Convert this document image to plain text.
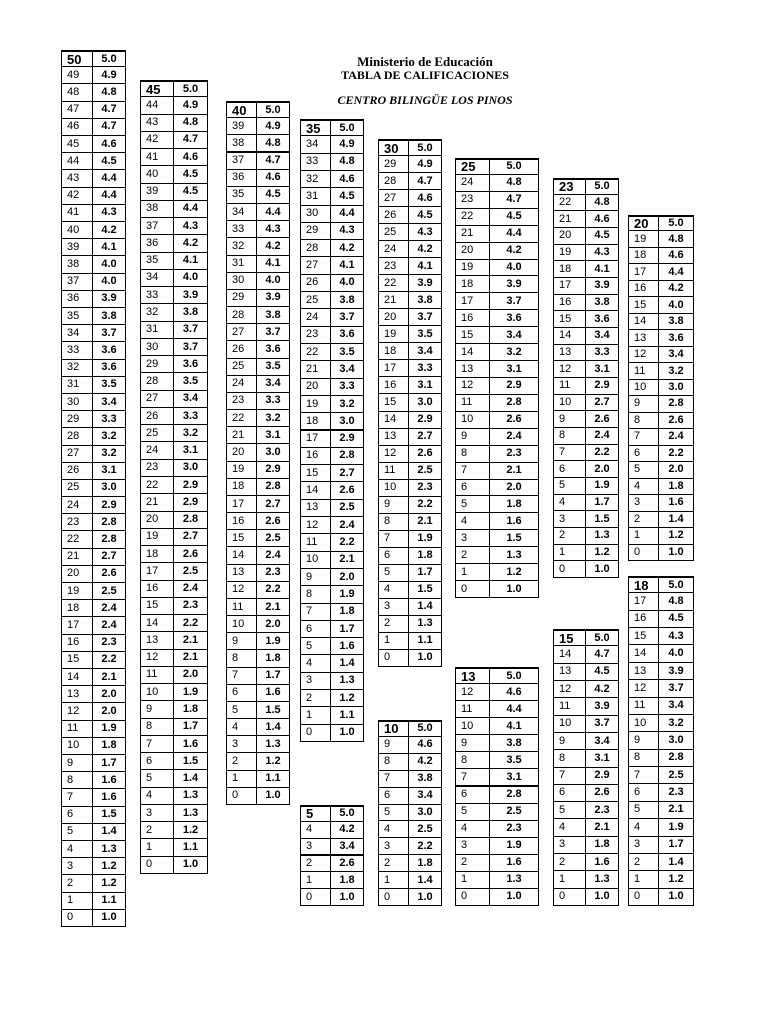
Ministerio de Educación
TABLA DE CALIFICACIONES
CENTRO BILINGÜE LOS PINOS
50	5.0
49	4.9
48	4.8
47	4.7
46	4.7
45	4.6
44	4.5
43	4.4
42	4.4
41	4.3
40	4.2
39	4.1
38	4.0
37	4.0
36	3.9
35	3.8
34	3.7
33	3.6
32	3.6
31	3.5
30	3.4
29	3.3
28	3.2
27	3.2
26	3.1
25	3.0
24	2.9
23	2.8
22	2.8
21	2.7
20	2.6
19	2.5
18	2.4
17	2.4
16	2.3
15	2.2
14	2.1
13	2.0
12	2.0
11	1.9
10	1.8
9	1.7
8	1.6
7	1.6
6	1.5
5	1.4
4	1.3
3	1.2
2	1.2
1	1.1
0	1.0
45	5.0
44	4.9
43	4.8
42	4.7
41	4.6
40	4.5
39	4.5
38	4.4
37	4.3
36	4.2
35	4.1
34	4.0
33	3.9
32	3.8
31	3.7
30	3.7
29	3.6
28	3.5
27	3.4
26	3.3
25	3.2
24	3.1
23	3.0
22	2.9
21	2.9
20	2.8
19	2.7
18	2.6
17	2.5
16	2.4
15	2.3
14	2.2
13	2.1
12	2.1
11	2.0
10	1.9
9	1.8
8	1.7
7	1.6
6	1.5
5	1.4
4	1.3
3	1.3
2	1.2
1	1.1
0	1.0
40	5.0
39	4.9
38	4.8
37	4.7
36	4.6
35	4.5
34	4.4
33	4.3
32	4.2
31	4.1
30	4.0
29	3.9
28	3.8
27	3.7
26	3.6
25	3.5
24	3.4
23	3.3
22	3.2
21	3.1
20	3.0
19	2.9
18	2.8
17	2.7
16	2.6
15	2.5
14	2.4
13	2.3
12	2.2
11	2.1
10	2.0
9	1.9
8	1.8
7	1.7
6	1.6
5	1.5
4	1.4
3	1.3
2	1.2
1	1.1
0	1.0
35	5.0
34	4.9
33	4.8
32	4.6
31	4.5
30	4.4
29	4.3
28	4.2
27	4.1
26	4.0
25	3.8
24	3.7
23	3.6
22	3.5
21	3.4
20	3.3
19	3.2
18	3.0
17	2.9
16	2.8
15	2.7
14	2.6
13	2.5
12	2.4
11	2.2
10	2.1
9	2.0
8	1.9
7	1.8
6	1.7
5	1.6
4	1.4
3	1.3
2	1.2
1	1.1
0	1.0
30	5.0
29	4.9
28	4.7
27	4.6
26	4.5
25	4.3
24	4.2
23	4.1
22	3.9
21	3.8
20	3.7
19	3.5
18	3.4
17	3.3
16	3.1
15	3.0
14	2.9
13	2.7
12	2.6
11	2.5
10	2.3
9	2.2
8	2.1
7	1.9
6	1.8
5	1.7
4	1.5
3	1.4
2	1.3
1	1.1
0	1.0
25	5.0
24	4.8
23	4.7
22	4.5
21	4.4
20	4.2
19	4.0
18	3.9
17	3.7
16	3.6
15	3.4
14	3.2
13	3.1
12	2.9
11	2.8
10	2.6
9	2.4
8	2.3
7	2.1
6	2.0
5	1.8
4	1.6
3	1.5
2	1.3
1	1.2
0	1.0
23	5.0
22	4.8
21	4.6
20	4.5
19	4.3
18	4.1
17	3.9
16	3.8
15	3.6
14	3.4
13	3.3
12	3.1
11	2.9
10	2.7
9	2.6
8	2.4
7	2.2
6	2.0
5	1.9
4	1.7
3	1.5
2	1.3
1	1.2
0	1.0
20	5.0
19	4.8
18	4.6
17	4.4
16	4.2
15	4.0
14	3.8
13	3.6
12	3.4
11	3.2
10	3.0
9	2.8
8	2.6
7	2.4
6	2.2
5	2.0
4	1.8
3	1.6
2	1.4
1	1.2
0	1.0
18	5.0
17	4.8
16	4.5
15	4.3
14	4.0
13	3.9
12	3.7
11	3.4
10	3.2
9	3.0
8	2.8
7	2.5
6	2.3
5	2.1
4	1.9
3	1.7
2	1.4
1	1.2
0	1.0
15	5.0
14	4.7
13	4.5
12	4.2
11	3.9
10	3.7
9	3.4
8	3.1
7	2.9
6	2.6
5	2.3
4	2.1
3	1.8
2	1.6
1	1.3
0	1.0
13	5.0
12	4.6
11	4.4
10	4.1
9	3.8
8	3.5
7	3.1
6	2.8
5	2.5
4	2.3
3	1.9
2	1.6
1	1.3
0	1.0
10	5.0
9	4.6
8	4.2
7	3.8
6	3.4
5	3.0
4	2.5
3	2.2
2	1.8
1	1.4
0	1.0
5	5.0
4	4.2
3	3.4
2	2.6
1	1.8
0	1.0
